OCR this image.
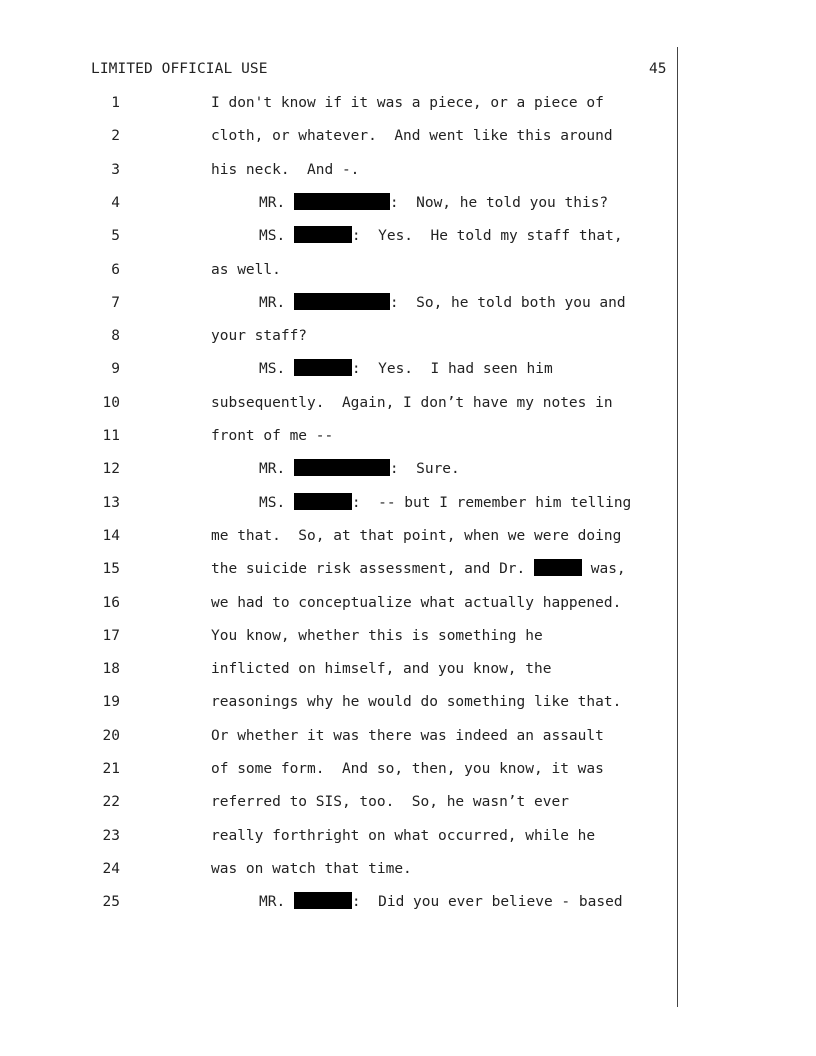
LIMITED OFFICIAL USE	45
1	I don't know if it was a piece, or a piece of
2	cloth, or whatever.  And went like this around
3	his neck.  And -.
4	MR.	:  Now, he told you this?
5	MS.	:  Yes.  He told my staff that,
6	as well.
7	MR.	:  So, he told both you and
8	your staff?
9	MS.	:  Yes.  I had seen him
10	subsequently.  Again, I don’t have my notes in
11	front of me --
12	MR.	:  Sure.
13	MS.	:  -- but I remember him telling
14	me that.  So, at that point, when we were doing
15	the suicide risk assessment, and Dr.	was,
16	we had to conceptualize what actually happened.
17	You know, whether this is something he
18	inflicted on himself, and you know, the
19	reasonings why he would do something like that.
20	Or whether it was there was indeed an assault
21	of some form.  And so, then, you know, it was
22	referred to SIS, too.  So, he wasn’t ever
23	really forthright on what occurred, while he
24	was on watch that time.
25	MR.	:  Did you ever believe - based
